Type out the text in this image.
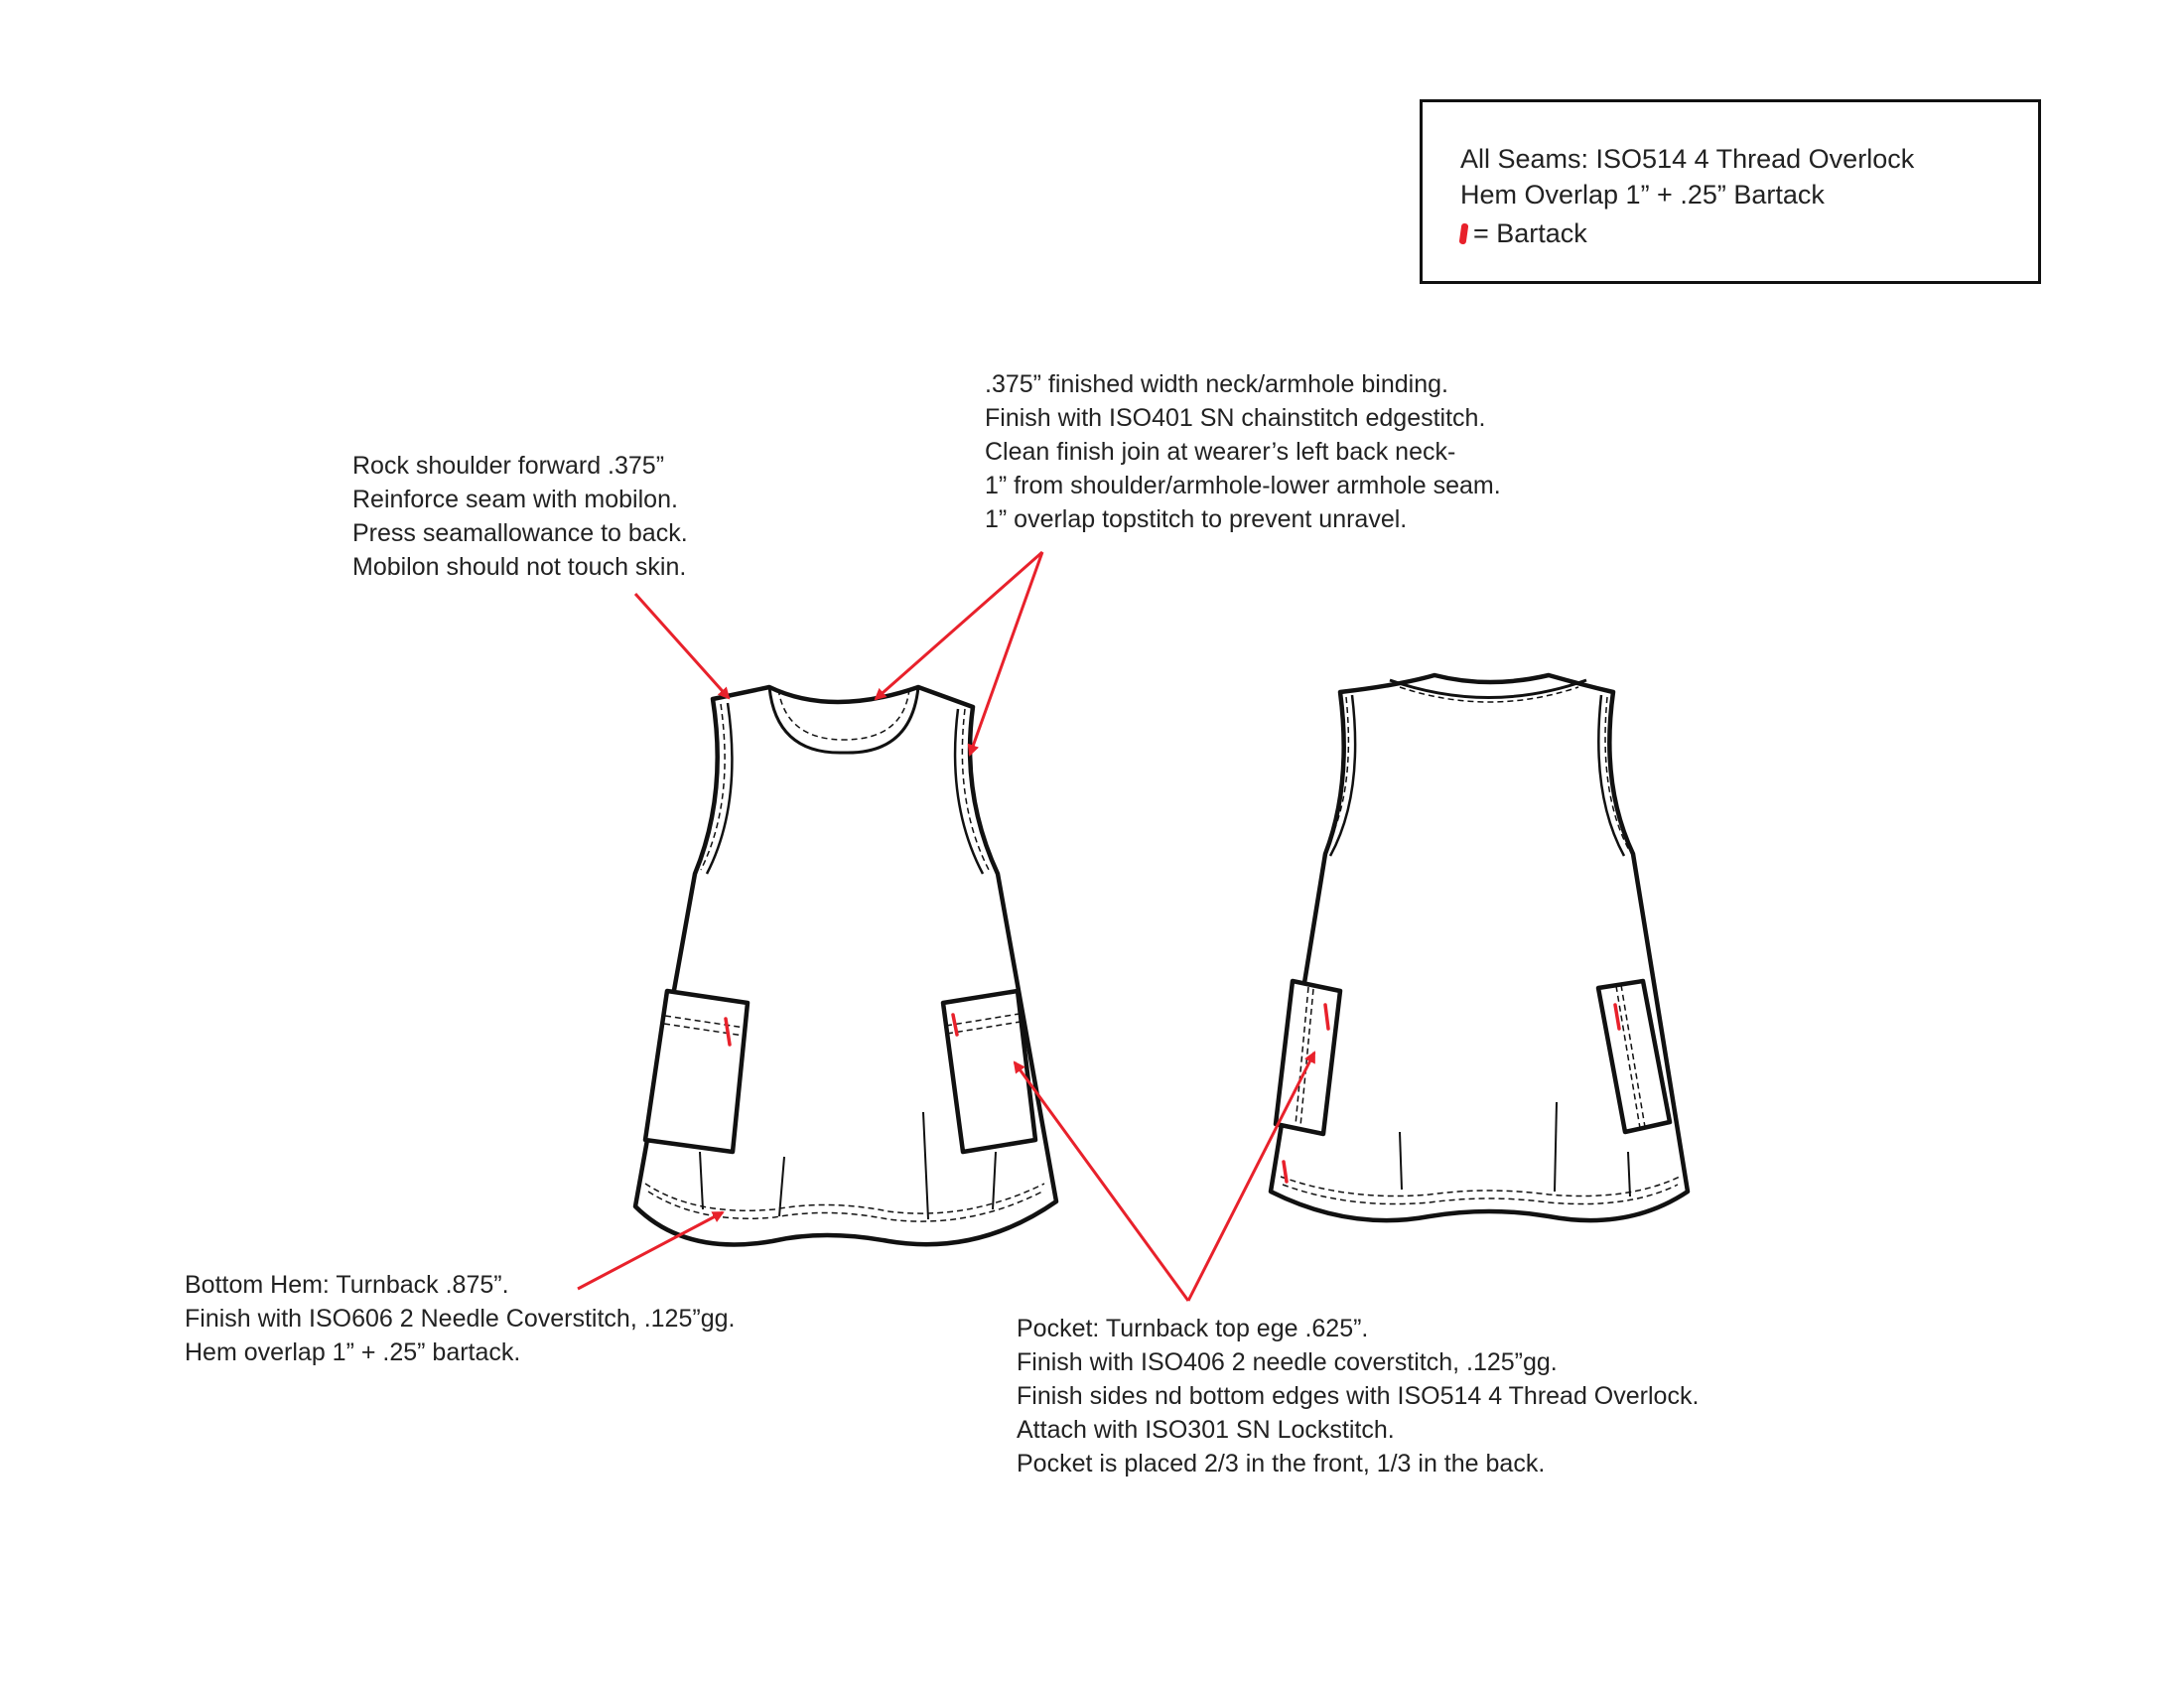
All Seams: ISO514 4 Thread Overlock
Hem Overlap 1” + .25” Bartack
= Bartack
Rock shoulder forward .375”
Reinforce seam with mobilon.
Press seamallowance to back.
Mobilon should not touch skin.
.375” finished width neck/armhole binding.
Finish with ISO401 SN chainstitch edgestitch.
Clean finish join at wearer’s left back neck-
1” from shoulder/armhole-lower armhole seam.
1” overlap topstitch to prevent unravel.
Bottom Hem: Turnback .875”.
Finish with ISO606 2 Needle Coverstitch, .125”gg.
Hem overlap 1” + .25” bartack.
Pocket: Turnback top ege .625”.
Finish with ISO406 2 needle coverstitch, .125”gg.
Finish sides nd bottom edges with ISO514 4 Thread Overlock.
Attach with ISO301 SN Lockstitch.
Pocket is placed 2/3 in the front, 1/3 in the back.
